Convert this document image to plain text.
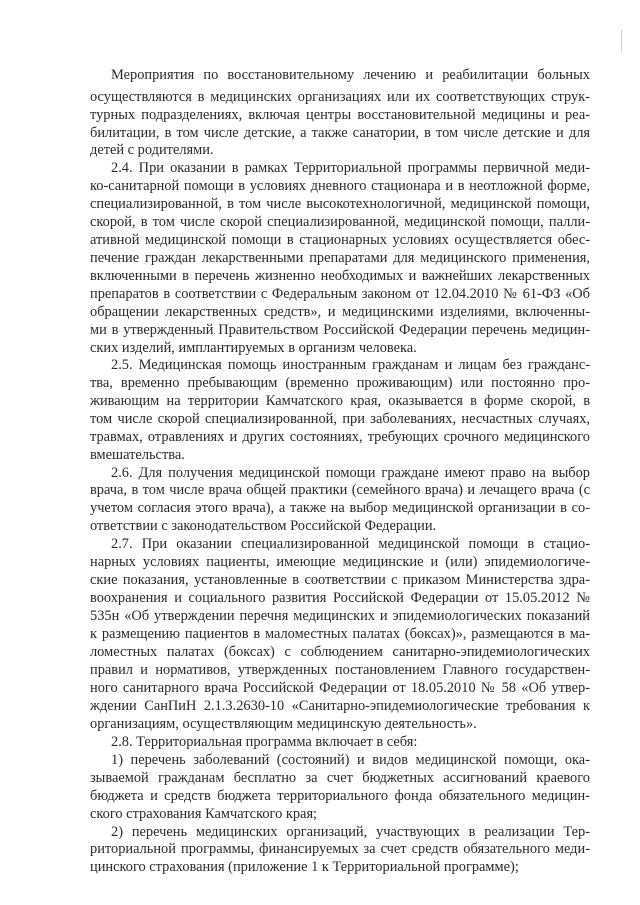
Мероприятия по восстановительному лечению и реабилитации больных
осуществляются в медицинских организациях или их соответствующих струк-
турных подразделениях, включая центры восстановительной медицины и реа-
билитации, в том числе детские, а также санатории, в том числе детские и для
детей с родителями.
2.4. При оказании в рамках Территориальной программы первичной меди-
ко-санитарной помощи в условиях дневного стационара и в неотложной форме,
специализированной, в том числе высокотехнологичной, медицинской помощи,
скорой, в том числе скорой специализированной, медицинской помощи, палли-
ативной медицинской помощи в стационарных условиях осуществляется обес-
печение граждан лекарственными препаратами для медицинского применения,
включенными в перечень жизненно необходимых и важнейших лекарственных
препаратов в соответствии с Федеральным законом от 12.04.2010 № 61-ФЗ «Об
обращении лекарственных средств», и медицинскими изделиями, включенны-
ми в утвержденный Правительством Российской Федерации перечень медицин-
ских изделий, имплантируемых в организм человека.
2.5. Медицинская помощь иностранным гражданам и лицам без гражданс-
тва, временно пребывающим (временно проживающим) или постоянно про-
живающим на территории Камчатского края, оказывается в форме скорой, в
том числе скорой специализированной, при заболеваниях, несчастных случаях,
травмах, отравлениях и других состояниях, требующих срочного медицинского
вмешательства.
2.6. Для получения медицинской помощи граждане имеют право на выбор
врача, в том числе врача общей практики (семейного врача) и лечащего врача (с
учетом согласия этого врача), а также на выбор медицинской организации в со-
ответствии с законодательством Российской Федерации.
2.7. При оказании специализированной медицинской помощи в стацио-
нарных условиях пациенты, имеющие медицинские и (или) эпидемиологиче-
ские показания, установленные в соответствии с приказом Министерства здра-
воохранения и социального развития Российской Федерации от 15.05.2012 №
535н «Об утверждении перечня медицинских и эпидемиологических показаний
к размещению пациентов в маломестных палатах (боксах)», размещаются в ма-
ломестных палатах (боксах) с соблюдением санитарно-эпидемиологических
правил и нормативов, утвержденных постановлением Главного государствен-
ного санитарного врача Российской Федерации от 18.05.2010 № 58 «Об утвер-
ждении СанПиН 2.1.3.2630-10 «Санитарно-эпидемиологические требования к
организациям, осуществляющим медицинскую деятельность».
2.8. Территориальная программа включает в себя:
1) перечень заболеваний (состояний) и видов медицинской помощи, ока-
зываемой гражданам бесплатно за счет бюджетных ассигнований краевого
бюджета и средств бюджета территориального фонда обязательного медицин-
ского страхования Камчатского края;
2) перечень медицинских организаций, участвующих в реализации Тер-
риториальной программы, финансируемых за счет средств обязательного меди-
цинского страхования (приложение 1 к Территориальной программе);
